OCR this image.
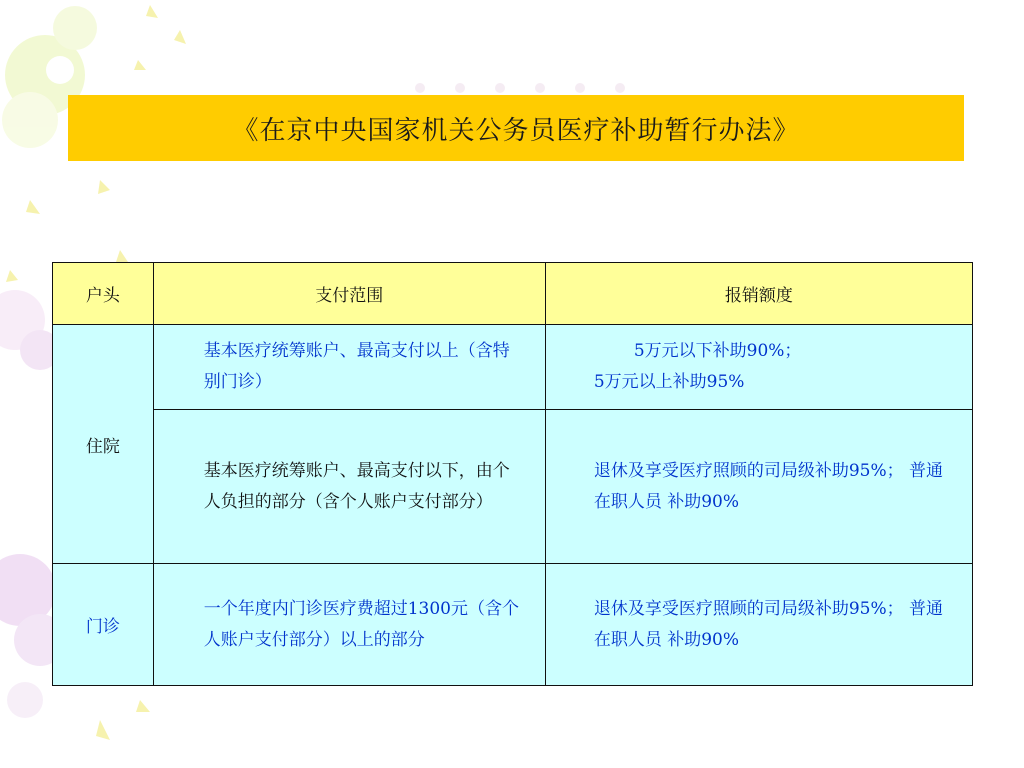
《在京中央国家机关公务员医疗补助暂行办法》
户头	支付范围	报销额度
住院	基本医疗统筹账户、最高支付以上（含特别门诊）	5万元以下补助90%；
5万元以上补助95%

	基本医疗统筹账户、最高支付以下，由个人负担的部分（含个人账户支付部分）	退休及享受医疗照顾的司局级补助95%； 普通在职人员 补助90%

门诊	一个年度内门诊医疗费超过1300元（含个人账户支付部分）以上的部分	退休及享受医疗照顾的司局级补助95%； 普通在职人员 补助90%
